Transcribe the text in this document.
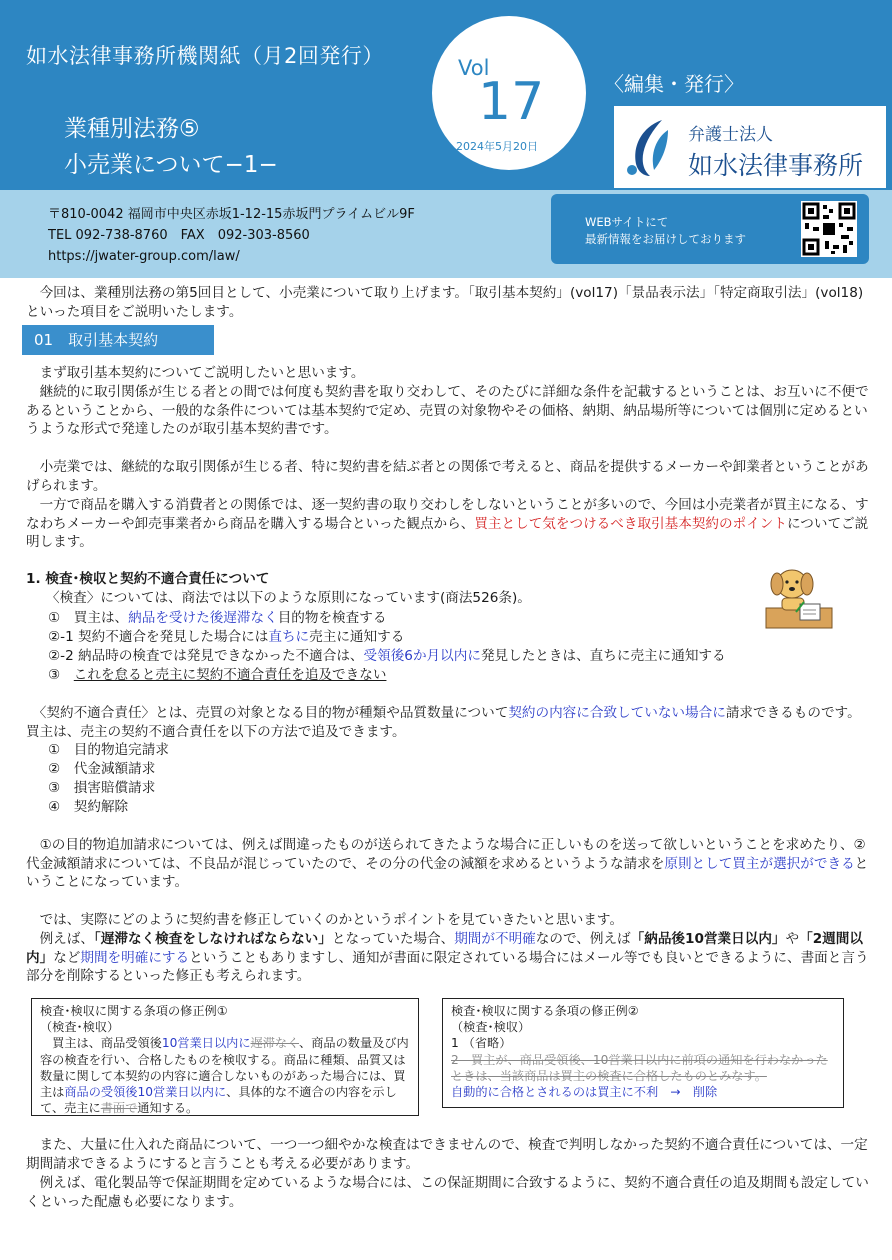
如水法律事務所機関紙（月2回発行）
業種別法務⑤
小売業について−1−
Vol
17
2024年5月20日
〈編集・発行〉
弁護士法人
如水法律事務所
〒810-0042 福岡市中央区赤坂1-12-15赤坂門プライムビル9F
TEL 092-738-8760　FAX　092-303-8560
https://jwater-group.com/law/
WEBサイトにて
最新情報をお届けしております
　今回は、業種別法務の第5回目として、小売業について取り上げます。「取引基本契約」(vol17)「景品表示法」「特定商取引法」(vol18)といった項目をご説明いたします。
01　取引基本契約
　まず取引基本契約についてご説明したいと思います。
　継続的に取引関係が生じる者との間では何度も契約書を取り交わして、そのたびに詳細な条件を記載するということは、お互いに不便であるということから、一般的な条件については基本契約で定め、売買の対象物やその価格、納期、納品場所等については個別に定めるというような形式で発達したのが取引基本契約書です。
　小売業では、継続的な取引関係が生じる者、特に契約書を結ぶ者との関係で考えると、商品を提供するメーカーや卸業者ということがあげられます。
　一方で商品を購入する消費者との関係では、逐一契約書の取り交わしをしないということが多いので、今回は小売業者が買主になる、すなわちメーカーや卸売事業者から商品を購入する場合といった観点から、買主として気をつけるべき取引基本契約のポイントについてご説明します。
1. 検査･検収と契約不適合責任について
〈検査〉については、商法では以下のような原則になっています(商法526条)。
①　買主は、納品を受けた後遅滞なく目的物を検査する
②-1 契約不適合を発見した場合には直ちに売主に通知する
②-2 納品時の検査では発見できなかった不適合は、受領後6か月以内に発見したときは、直ちに売主に通知する
③　これを怠ると売主に契約不適合責任を追及できない
　〈契約不適合責任〉とは、売買の対象となる目的物が種類や品質数量について契約の内容に合致していない場合に請求できるものです。買主は、売主の契約不適合責任を以下の方法で追及できます。
①　目的物追完請求
②　代金減額請求
③　損害賠償請求
④　契約解除
　①の目的物追加請求については、例えば間違ったものが送られてきたような場合に正しいものを送って欲しいということを求めたり、②代金減額請求については、不良品が混じっていたので、その分の代金の減額を求めるというような請求を原則として買主が選択ができるということになっています。
　では、実際にどのように契約書を修正していくのかというポイントを見ていきたいと思います。
　例えば、「遅滞なく検査をしなければならない」となっていた場合、期間が不明確なので、例えば「納品後10営業日以内」や「2週間以内」など期間を明確にするということもありますし、通知が書面に限定されている場合にはメール等でも良いとできるように、書面と言う部分を削除するといった修正も考えられます。
検査･検収に関する条項の修正例①
（検査･検収）
　買主は、商品受領後10営業日以内に遅滞なく、商品の数量及び内容の検査を行い、合格したものを検収する。商品に種類、品質又は数量に関して本契約の内容に適合しないものがあった場合には、買主は商品の受領後10営業日以内に、具体的な不適合の内容を示して、売主に書面で通知する。
検査･検収に関する条項の修正例②
（検査･検収）
1 （省略）
2　買主が、商品受領後、10営業日以内に前項の通知を行わなかったときは、当該商品は買主の検査に合格したものとみなす。
自動的に合格とされるのは買主に不利　→　削除
　また、大量に仕入れた商品について、一つ一つ細やかな検査はできませんので、検査で判明しなかった契約不適合責任については、一定期間請求できるようにすると言うことも考える必要があります。
　例えば、電化製品等で保証期間を定めているような場合には、この保証期間に合致するように、契約不適合責任の追及期間も設定していくといった配慮も必要になります。
